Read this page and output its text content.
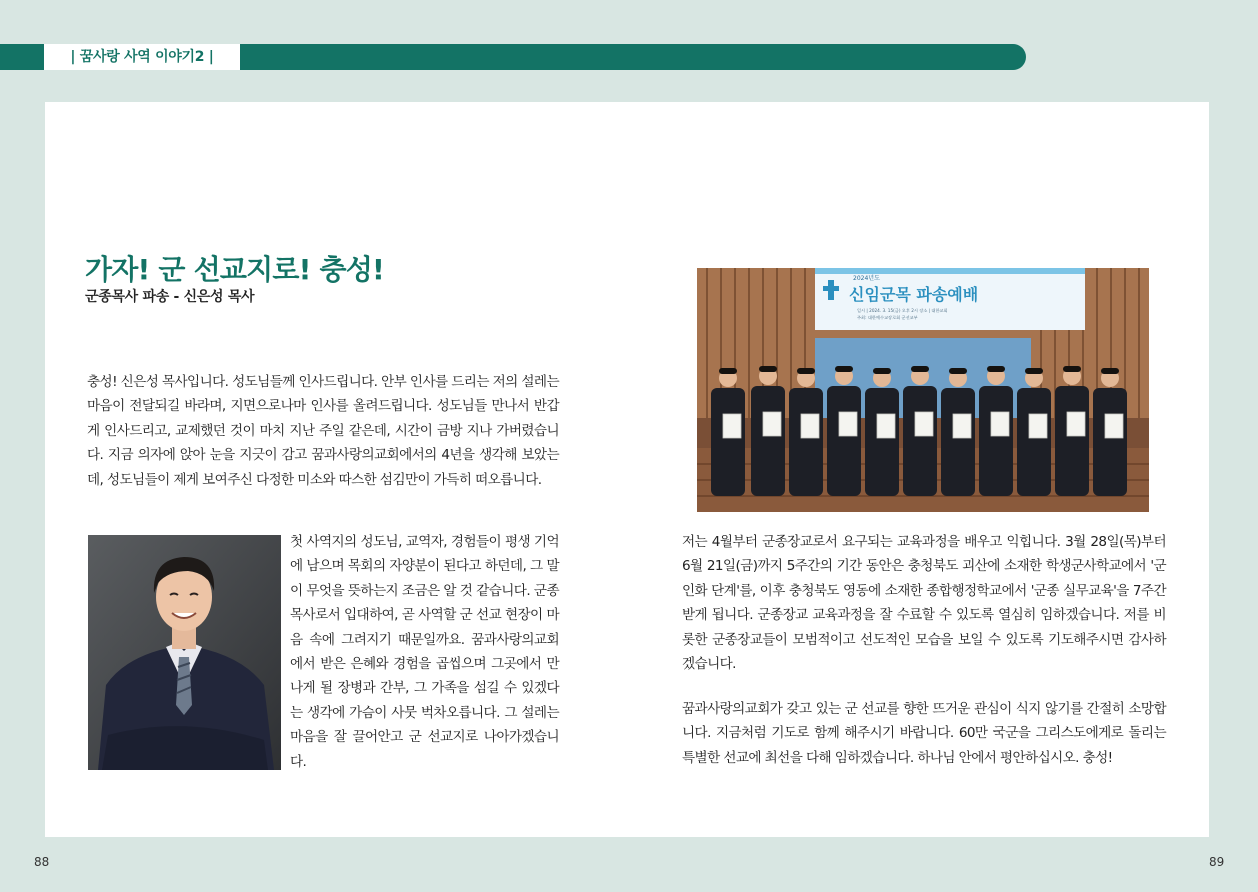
| 꿈사랑 사역 이야기2 |
가자! 군 선교지로! 충성!

군종목사 파송 - 신은성 목사

충성! 신은성 목사입니다. 성도님들께 인사드립니다. 안부 인사를 드리는 저의 설레는 마음이 전달되길 바라며, 지면으로나마 인사를 올려드립니다. 성도님들 만나서 반갑게 인사드리고, 교제했던 것이 마치 지난 주일 같은데, 시간이 금방 지나 가버렸습니다. 지금 의자에 앉아 눈을 지긋이 감고 꿈과사랑의교회에서의 4년을 생각해 보았는데, 성도님들이 제게 보여주신 다정한 미소와 따스한 섬김만이 가득히 떠오릅니다.

첫 사역지의 성도님, 교역자, 경험들이 평생 기억에 남으며 목회의 자양분이 된다고 하던데, 그 말이 무엇을 뜻하는지 조금은 알 것 같습니다. 군종목사로서 입대하여, 곧 사역할 군 선교 현장이 마음 속에 그려지기 때문일까요. 꿈과사랑의교회에서 받은 은혜와 경험을 곱씹으며 그곳에서 만나게 될 장병과 간부, 그 가족을 섬길 수 있겠다는 생각에 가슴이 사뭇 벅차오릅니다. 그 설레는 마음을 잘 끌어안고 군 선교지로 나아가겠습니다.

2024년도
신임군목 파송예배
일시 | 2024. 3. 15(금) 오후 2시 장소 | 대한교회
주최: 대한예수교장로회 군선교부

저는 4월부터 군종장교로서 요구되는 교육과정을 배우고 익힙니다. 3월 28일(목)부터 6월 21일(금)까지 5주간의 기간 동안은 충청북도 괴산에 소재한 학생군사학교에서 '군인화 단계'를, 이후 충청북도 영동에 소재한 종합행정학교에서 '군종 실무교육'을 7주간 받게 됩니다. 군종장교 교육과정을 잘 수료할 수 있도록 열심히 임하겠습니다. 저를 비롯한 군종장교들이 모범적이고 선도적인 모습을 보일 수 있도록 기도해주시면 감사하겠습니다.

꿈과사랑의교회가 갖고 있는 군 선교를 향한 뜨거운 관심이 식지 않기를 간절히 소망합니다. 지금처럼 기도로 함께 해주시기 바랍니다. 60만 국군을 그리스도에게로 돌리는 특별한 선교에 최선을 다해 임하겠습니다. 하나님 안에서 평안하십시오. 충성!

88	89
